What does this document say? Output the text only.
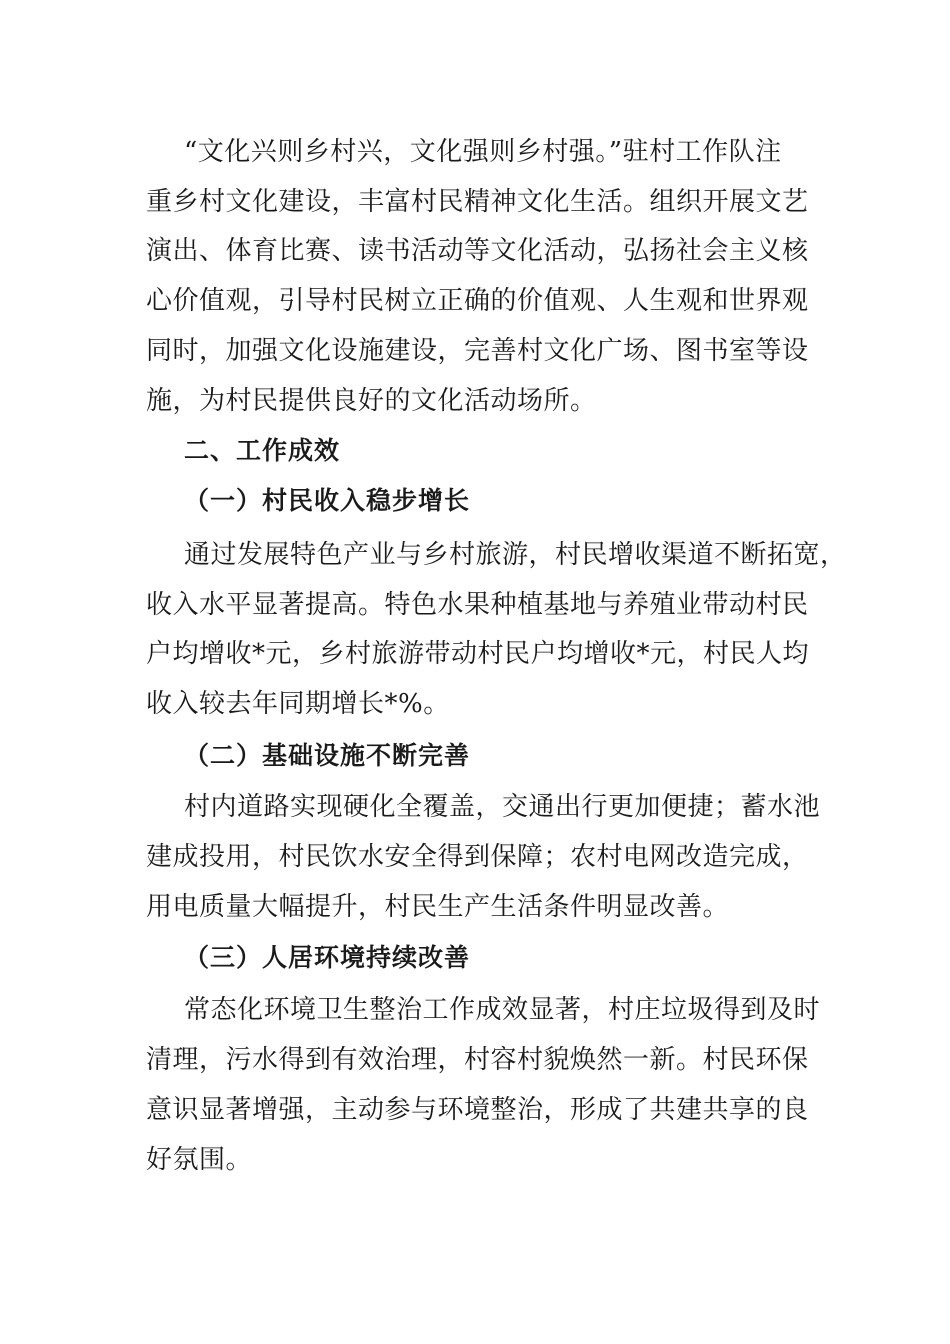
“文化兴则乡村兴，文化强则乡村强。”驻村工作队注
重乡村文化建设，丰富村民精神文化生活。组织开展文艺
演出、体育比赛、读书活动等文化活动，弘扬社会主义核
心价值观，引导村民树立正确的价值观、人生观和世界观
同时，加强文化设施建设，完善村文化广场、图书室等设
施，为村民提供良好的文化活动场所。
二、工作成效
（一）村民收入稳步增长
通过发展特色产业与乡村旅游，村民增收渠道不断拓宽，
收入水平显著提高。特色水果种植基地与养殖业带动村民
户均增收*元，乡村旅游带动村民户均增收*元，村民人均
收入较去年同期增长*%。
（二）基础设施不断完善
村内道路实现硬化全覆盖，交通出行更加便捷；蓄水池
建成投用，村民饮水安全得到保障；农村电网改造完成，
用电质量大幅提升，村民生产生活条件明显改善。
（三）人居环境持续改善
常态化环境卫生整治工作成效显著，村庄垃圾得到及时
清理，污水得到有效治理，村容村貌焕然一新。村民环保
意识显著增强，主动参与环境整治，形成了共建共享的良
好氛围。
